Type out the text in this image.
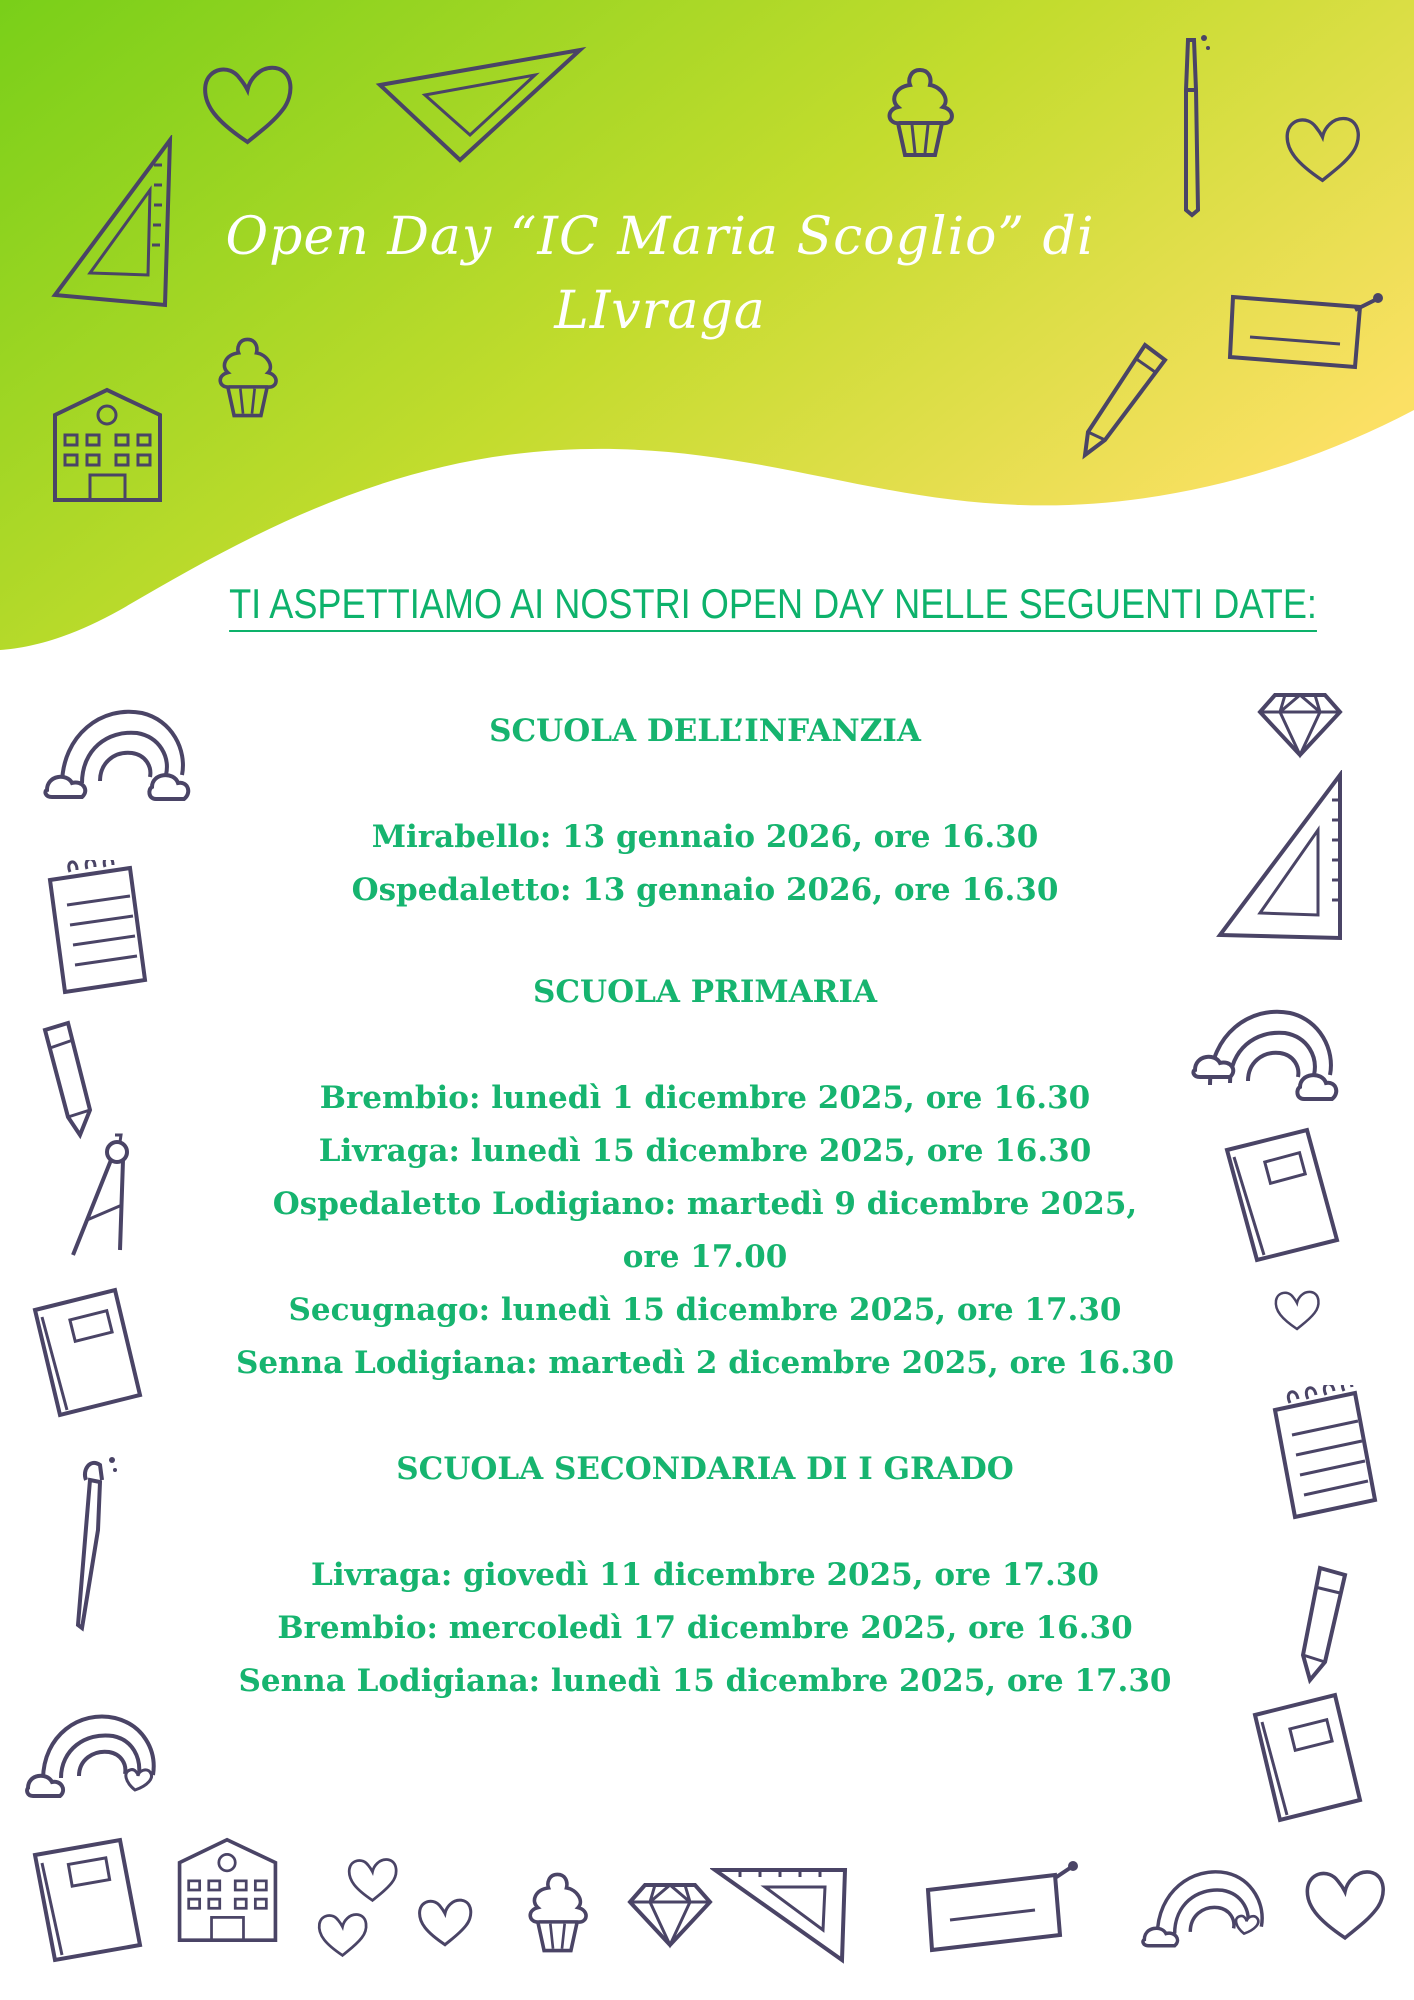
Open Day “IC Maria Scoglio” di
LIvraga
TI ASPETTIAMO AI NOSTRI OPEN DAY NELLE SEGUENTI DATE:
SCUOLA DELL’INFANZIA
Mirabello: 13 gennaio 2026, ore 16.30
Ospedaletto: 13 gennaio 2026, ore 16.30
SCUOLA PRIMARIA
Brembio: lunedì 1 dicembre 2025, ore 16.30
Livraga: lunedì 15 dicembre 2025, ore 16.30
Ospedaletto Lodigiano: martedì 9 dicembre 2025,
ore 17.00
Secugnago: lunedì 15 dicembre 2025, ore 17.30
Senna Lodigiana: martedì 2 dicembre 2025, ore 16.30
SCUOLA SECONDARIA DI I GRADO
Livraga: giovedì 11 dicembre 2025, ore 17.30
Brembio: mercoledì 17 dicembre 2025, ore 16.30
Senna Lodigiana: lunedì 15 dicembre 2025, ore 17.30
